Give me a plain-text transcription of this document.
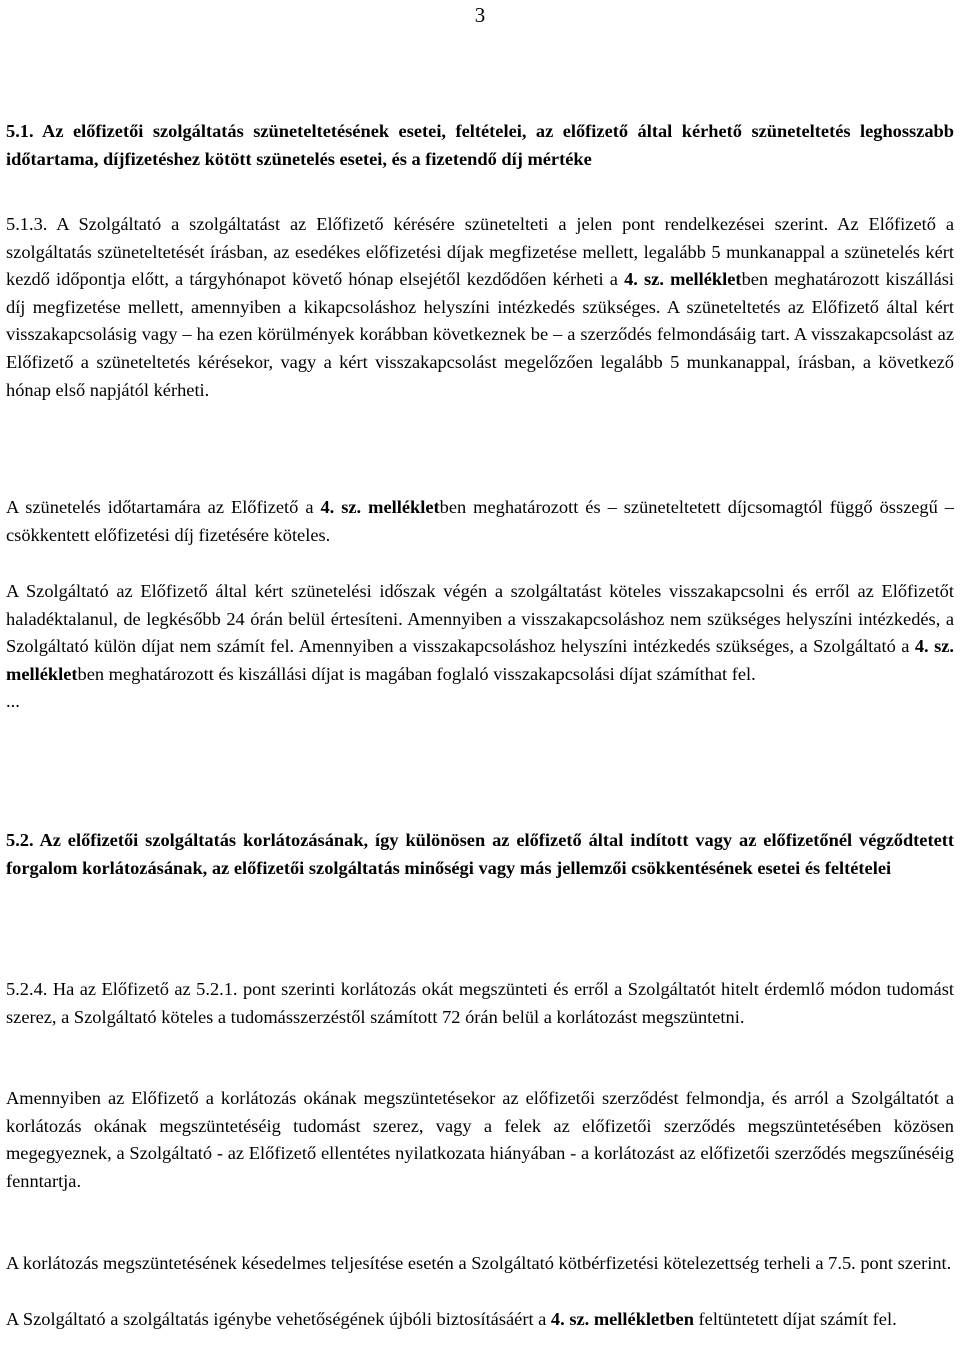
3

5.1. Az előfizetői szolgáltatás szüneteltetésének esetei, feltételei, az előfizető által kérhető szüneteltetés leghosszabb időtartama, díjfizetéshez kötött szünetelés esetei, és a fizetendő díj mértéke

5.1.3. A Szolgáltató a szolgáltatást az Előfizető kérésére szünetelteti a jelen pont rendelkezései szerint. Az Előfizető a szolgáltatás szüneteltetését írásban, az esedékes előfizetési díjak megfizetése mellett, legalább 5 munkanappal a szünetelés kért kezdő időpontja előtt, a tárgyhónapot követő hónap elsejétől kezdődően kérheti a 4. sz. mellékletben meghatározott kiszállási díj megfizetése mellett, amennyiben a kikapcsoláshoz helyszíni intézkedés szükséges. A szüneteltetés az Előfizető által kért visszakapcsolásig vagy – ha ezen körülmények korábban következnek be – a szerződés felmondásáig tart. A visszakapcsolást az Előfizető a szüneteltetés kérésekor, vagy a kért visszakapcsolást megelőzően legalább 5 munkanappal, írásban, a következő hónap első napjától kérheti.

A szünetelés időtartamára az Előfizető a 4. sz. mellékletben meghatározott és – szüneteltetett díjcsomagtól függő összegű – csökkentett előfizetési díj fizetésére köteles.

A Szolgáltató az Előfizető által kért szünetelési időszak végén a szolgáltatást köteles visszakapcsolni és erről az Előfizetőt haladéktalanul, de legkésőbb 24 órán belül értesíteni. Amennyiben a visszakapcsoláshoz nem szükséges helyszíni intézkedés, a Szolgáltató külön díjat nem számít fel. Amennyiben a visszakapcsoláshoz helyszíni intézkedés szükséges, a Szolgáltató a 4. sz. mellékletben meghatározott és kiszállási díjat is magában foglaló visszakapcsolási díjat számíthat fel.
...

5.2. Az előfizetői szolgáltatás korlátozásának, így különösen az előfizető által indított vagy az előfizetőnél végződtetett forgalom korlátozásának, az előfizetői szolgáltatás minőségi vagy más jellemzői csökkentésének esetei és feltételei

5.2.4. Ha az Előfizető az 5.2.1. pont szerinti korlátozás okát megszünteti és erről a Szolgáltatót hitelt érdemlő módon tudomást szerez, a Szolgáltató köteles a tudomásszerzéstől számított 72 órán belül a korlátozást megszüntetni.

Amennyiben az Előfizető a korlátozás okának megszüntetésekor az előfizetői szerződést felmondja, és arról a Szolgáltatót a korlátozás okának megszüntetéséig tudomást szerez, vagy a felek az előfizetői szerződés megszüntetésében közösen megegyeznek, a Szolgáltató - az Előfizető ellentétes nyilatkozata hiányában - a korlátozást az előfizetői szerződés megszűnéséig fenntartja.

A korlátozás megszüntetésének késedelmes teljesítése esetén a Szolgáltató kötbérfizetési kötelezettség terheli a 7.5. pont szerint.

A Szolgáltató a szolgáltatás igénybe vehetőségének újbóli biztosításáért a 4. sz. mellékletben feltüntetett díjat számít fel.
